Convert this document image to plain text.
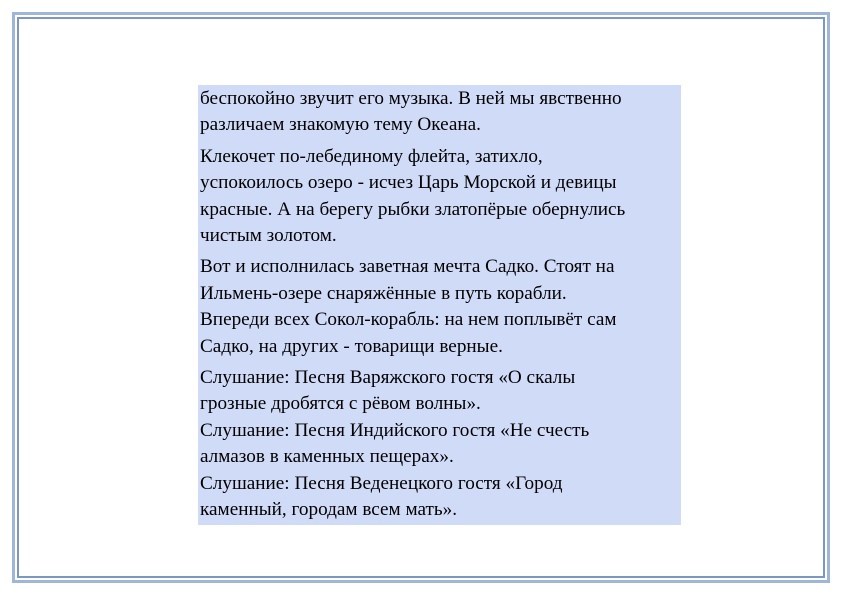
беспокойно звучит его музыка. В ней мы явственно
различаем знакомую тему Океана.

Клекочет по-лебединому флейта, затихло,
успокоилось озеро - исчез Царь Морской и девицы
красные. А на берегу рыбки златопёрые обернулись
чистым золотом.

Вот и исполнилась заветная мечта Садко. Стоят на
Ильмень-озере снаряжённые в путь корабли.
Впереди всех Сокол-корабль: на нем поплывёт сам
Садко, на других - товарищи верные.

Слушание: Песня Варяжского гостя «О скалы
грозные дробятся с рёвом волны».
Слушание: Песня Индийского гостя «Не счесть
алмазов в каменных пещерах».
Слушание: Песня Веденецкого гостя «Город
каменный, городам всем мать».
